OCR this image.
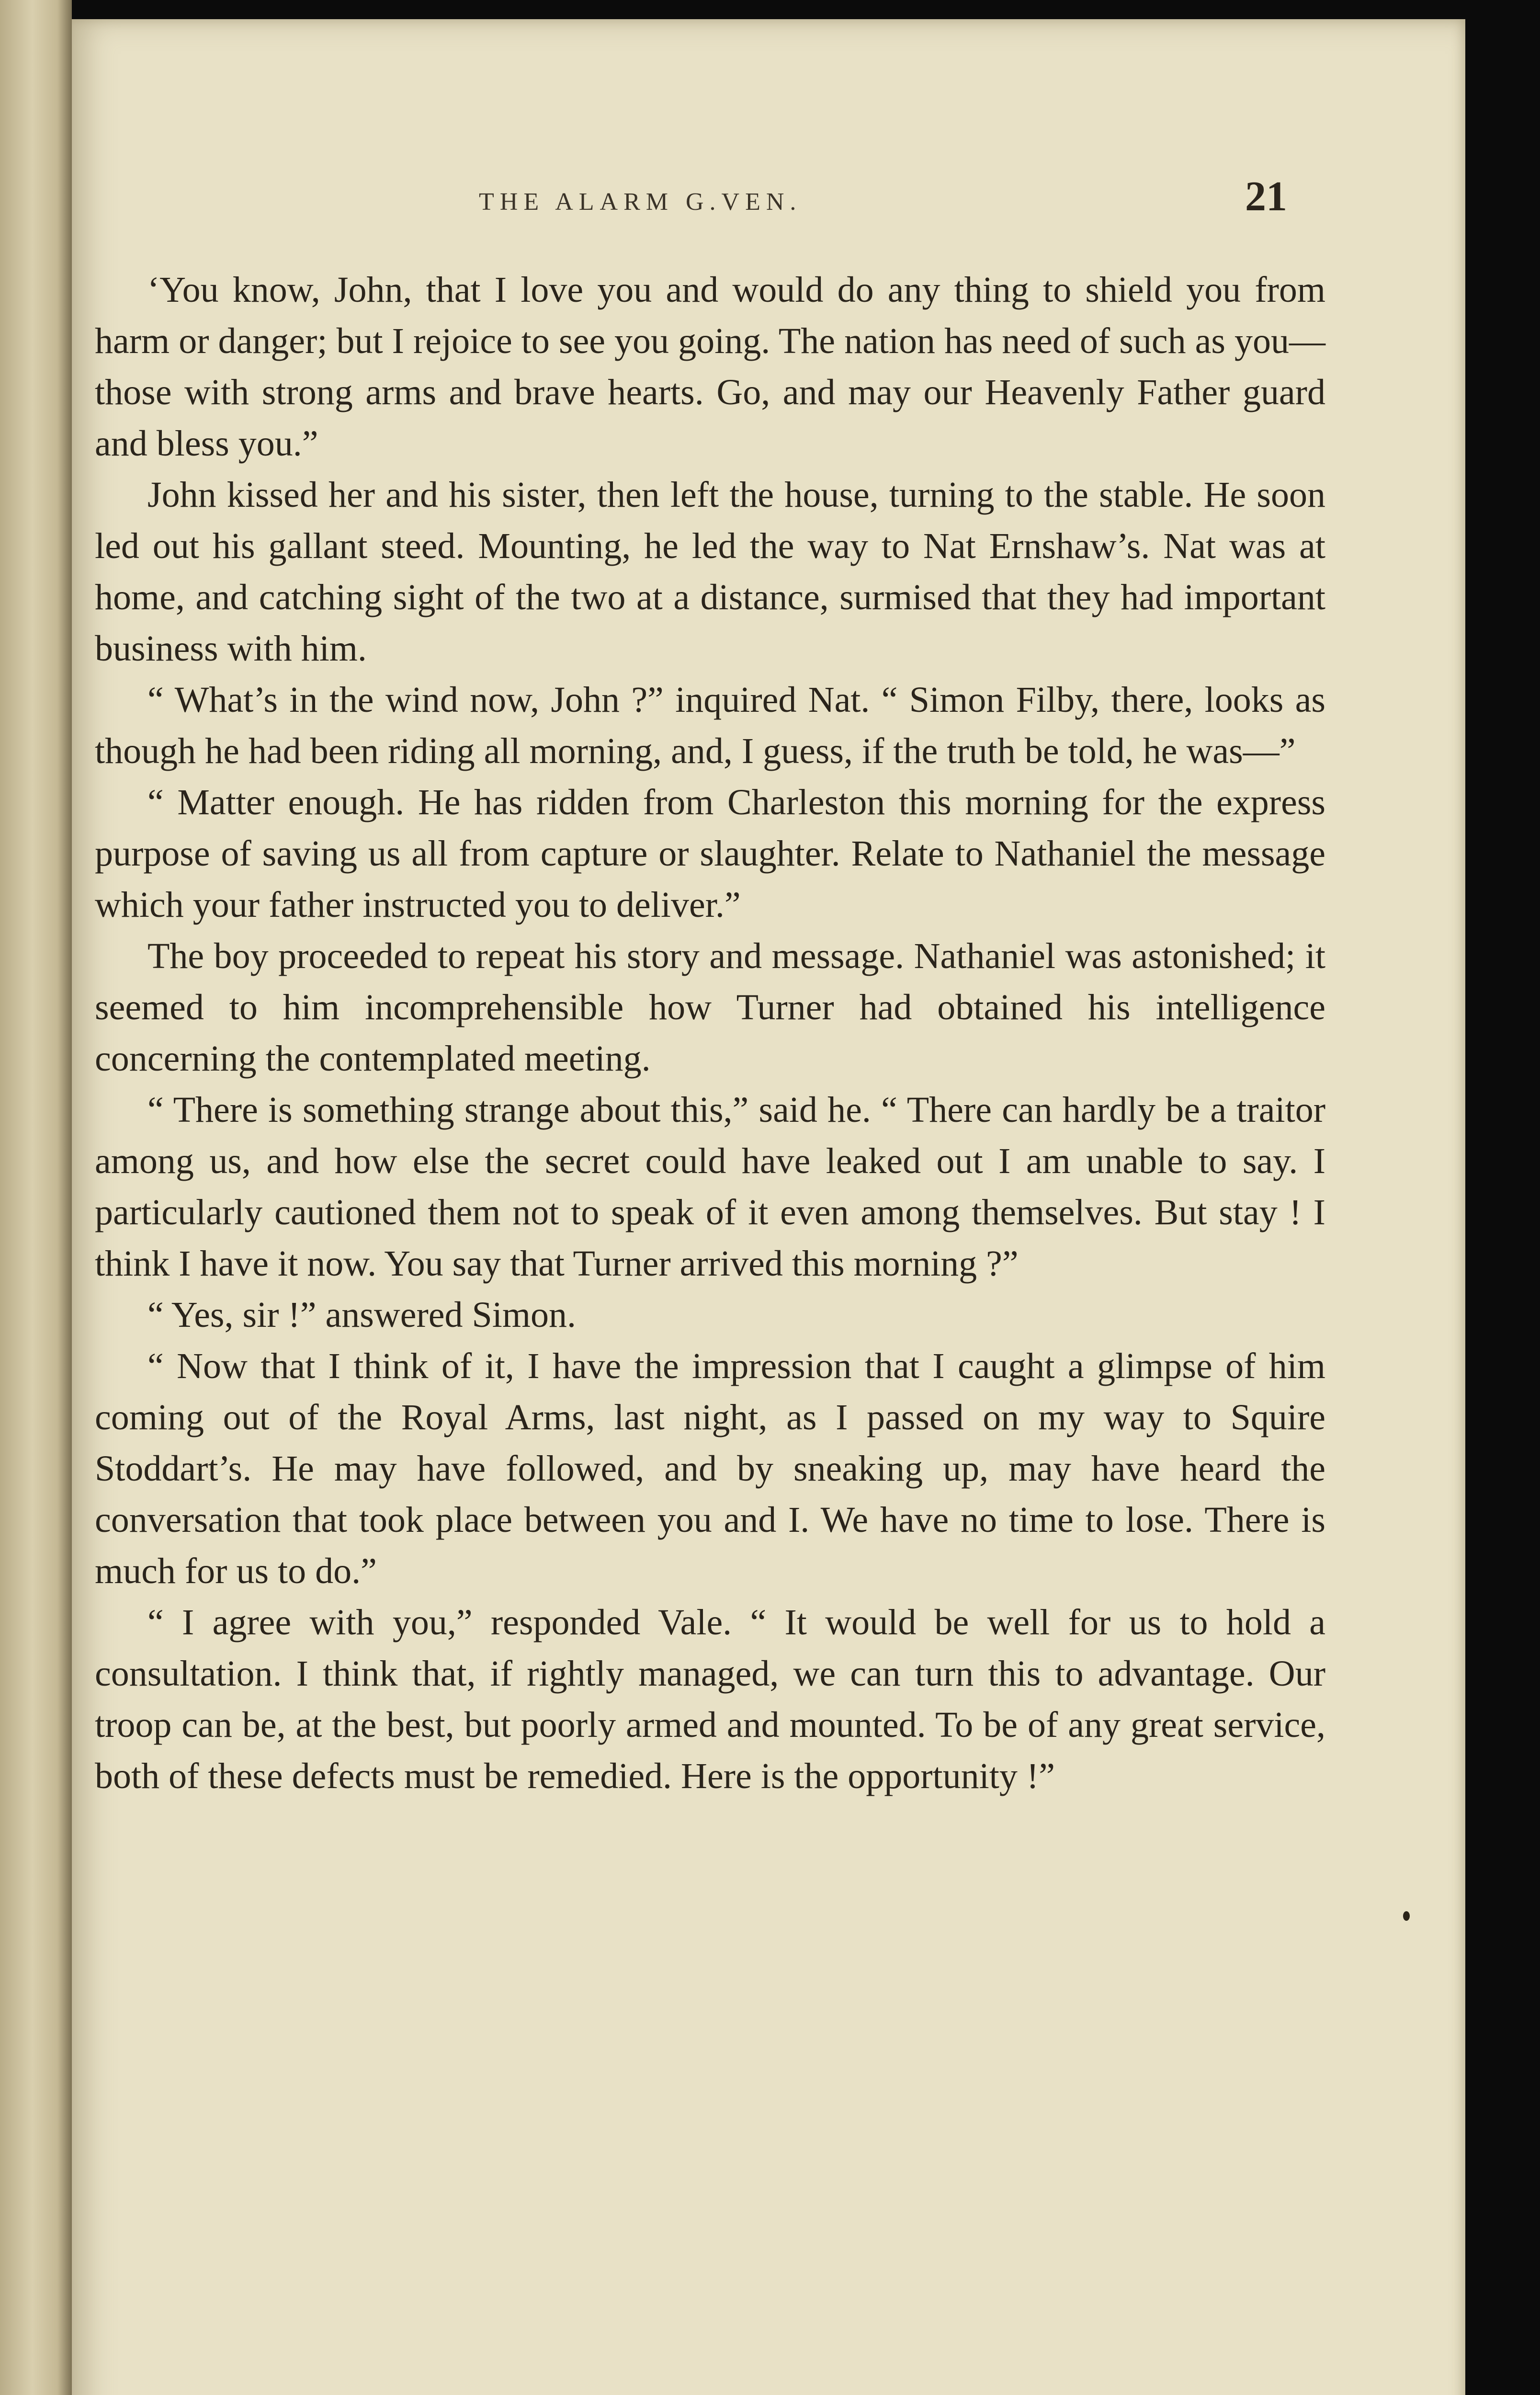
THE ALARM G.VEN.	21

‘You know, John, that I love you and would do any thing to shield you from harm or danger; but I rejoice to see you going. The nation has need of such as you—those with strong arms and brave hearts. Go, and may our Heavenly Father guard and bless you.”

John kissed her and his sister, then left the house, turning to the stable. He soon led out his gallant steed. Mounting, he led the way to Nat Ernshaw’s. Nat was at home, and catching sight of the two at a distance, surmised that they had important business with him.

“ What’s in the wind now, John ?” inquired Nat. “ Simon Filby, there, looks as though he had been riding all morning, and, I guess, if the truth be told, he was—”

“ Matter enough. He has ridden from Charleston this morning for the express purpose of saving us all from capture or slaughter. Relate to Nathaniel the message which your father instructed you to deliver.”

The boy proceeded to repeat his story and message. Nathaniel was astonished; it seemed to him incomprehensible how Turner had obtained his intelligence concerning the contemplated meeting.

“ There is something strange about this,” said he. “ There can hardly be a traitor among us, and how else the secret could have leaked out I am unable to say. I particularly cautioned them not to speak of it even among themselves. But stay ! I think I have it now. You say that Turner arrived this morning ?”

“ Yes, sir !” answered Simon.

“ Now that I think of it, I have the impression that I caught a glimpse of him coming out of the Royal Arms, last night, as I passed on my way to Squire Stoddart’s. He may have followed, and by sneaking up, may have heard the conversation that took place between you and I. We have no time to lose. There is much for us to do.”

“ I agree with you,” responded Vale. “ It would be well for us to hold a consultation. I think that, if rightly managed, we can turn this to advantage. Our troop can be, at the best, but poorly armed and mounted. To be of any great service, both of these defects must be remedied. Here is the opportunity !”
